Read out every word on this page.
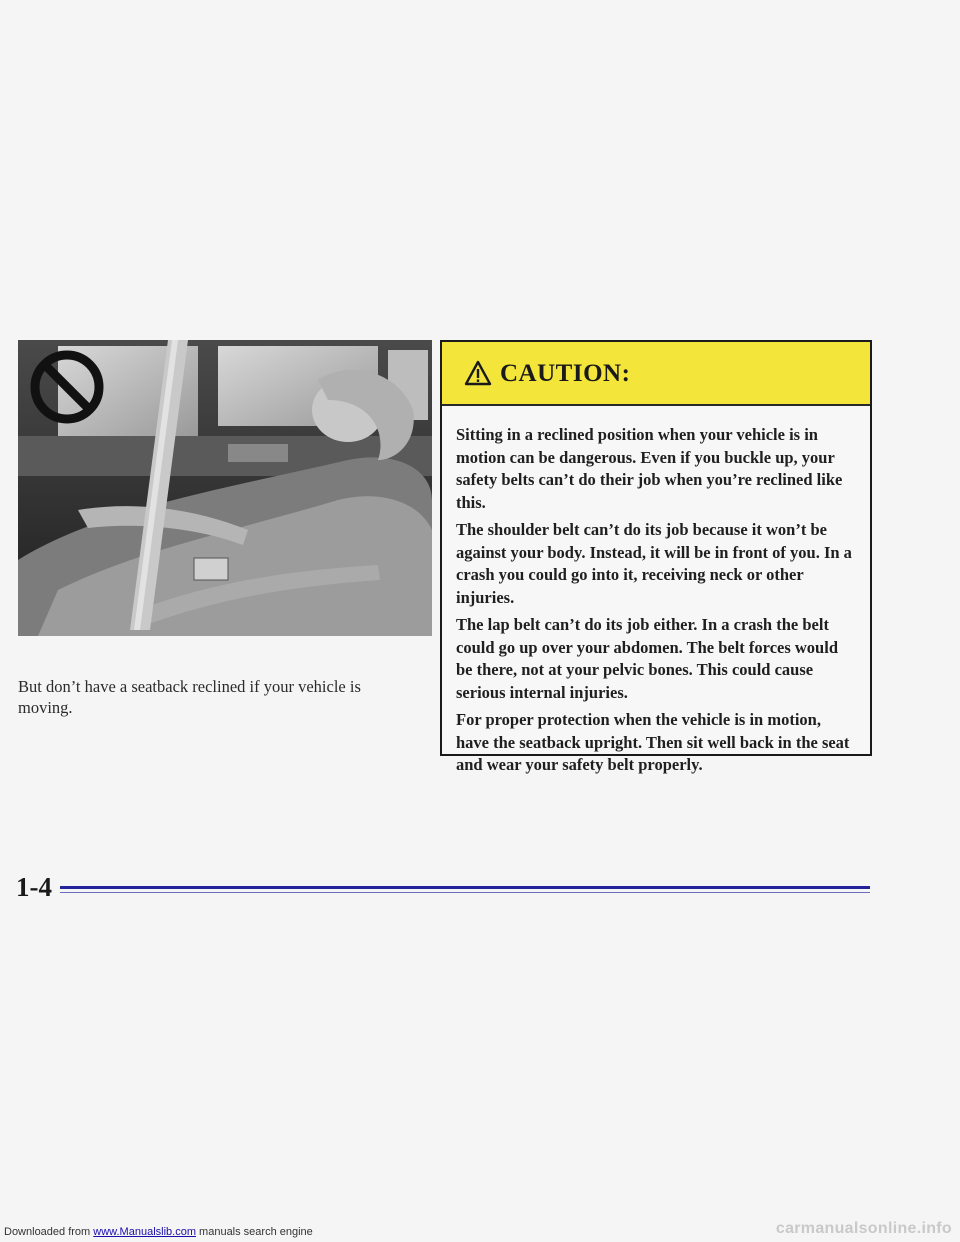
But don’t have a seatback reclined if your vehicle is moving.
CAUTION:

Sitting in a reclined position when your vehicle is in motion can be dangerous. Even if you buckle up, your safety belts can’t do their job when you’re reclined like this.

The shoulder belt can’t do its job because it won’t be against your body. Instead, it will be in front of you. In a crash you could go into it, receiving neck or other injuries.

The lap belt can’t do its job either. In a crash the belt could go up over your abdomen. The belt forces would be there, not at your pelvic bones. This could cause serious internal injuries.

For proper protection when the vehicle is in motion, have the seatback upright. Then sit well back in the seat and wear your safety belt properly.

1-4
Downloaded from www.Manualslib.com manuals search engine	carmanualsonline.info
